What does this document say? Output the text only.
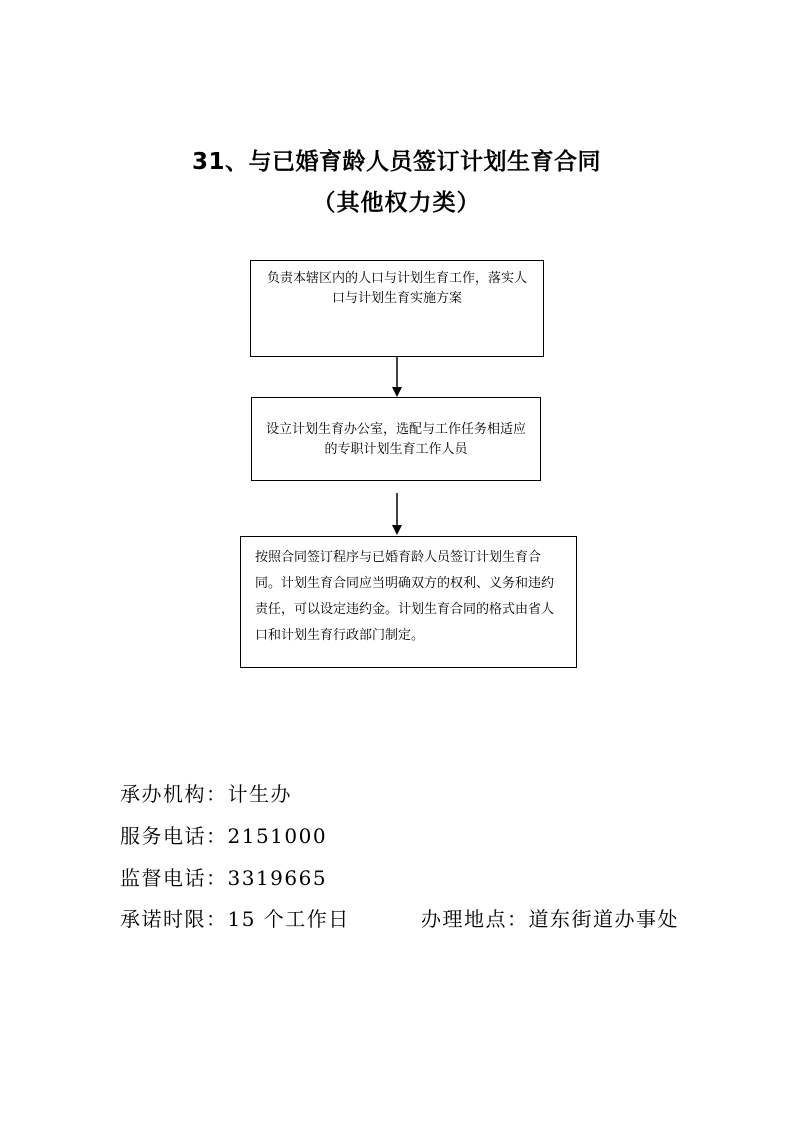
31、与已婚育龄人员签订计划生育合同
（其他权力类）
负责本辖区内的人口与计划生育工作，落实人口与计划生育实施方案
设立计划生育办公室，选配与工作任务相适应的专职计划生育工作人员
按照合同签订程序与已婚育龄人员签订计划生育合同。计划生育合同应当明确双方的权利、义务和违约责任，可以设定违约金。计划生育合同的格式由省人口和计划生育行政部门制定。
承办机构：计生办
服务电话：2151000
监督电话：3319665
承诺时限：15 个工作日	办理地点：道东街道办事处
